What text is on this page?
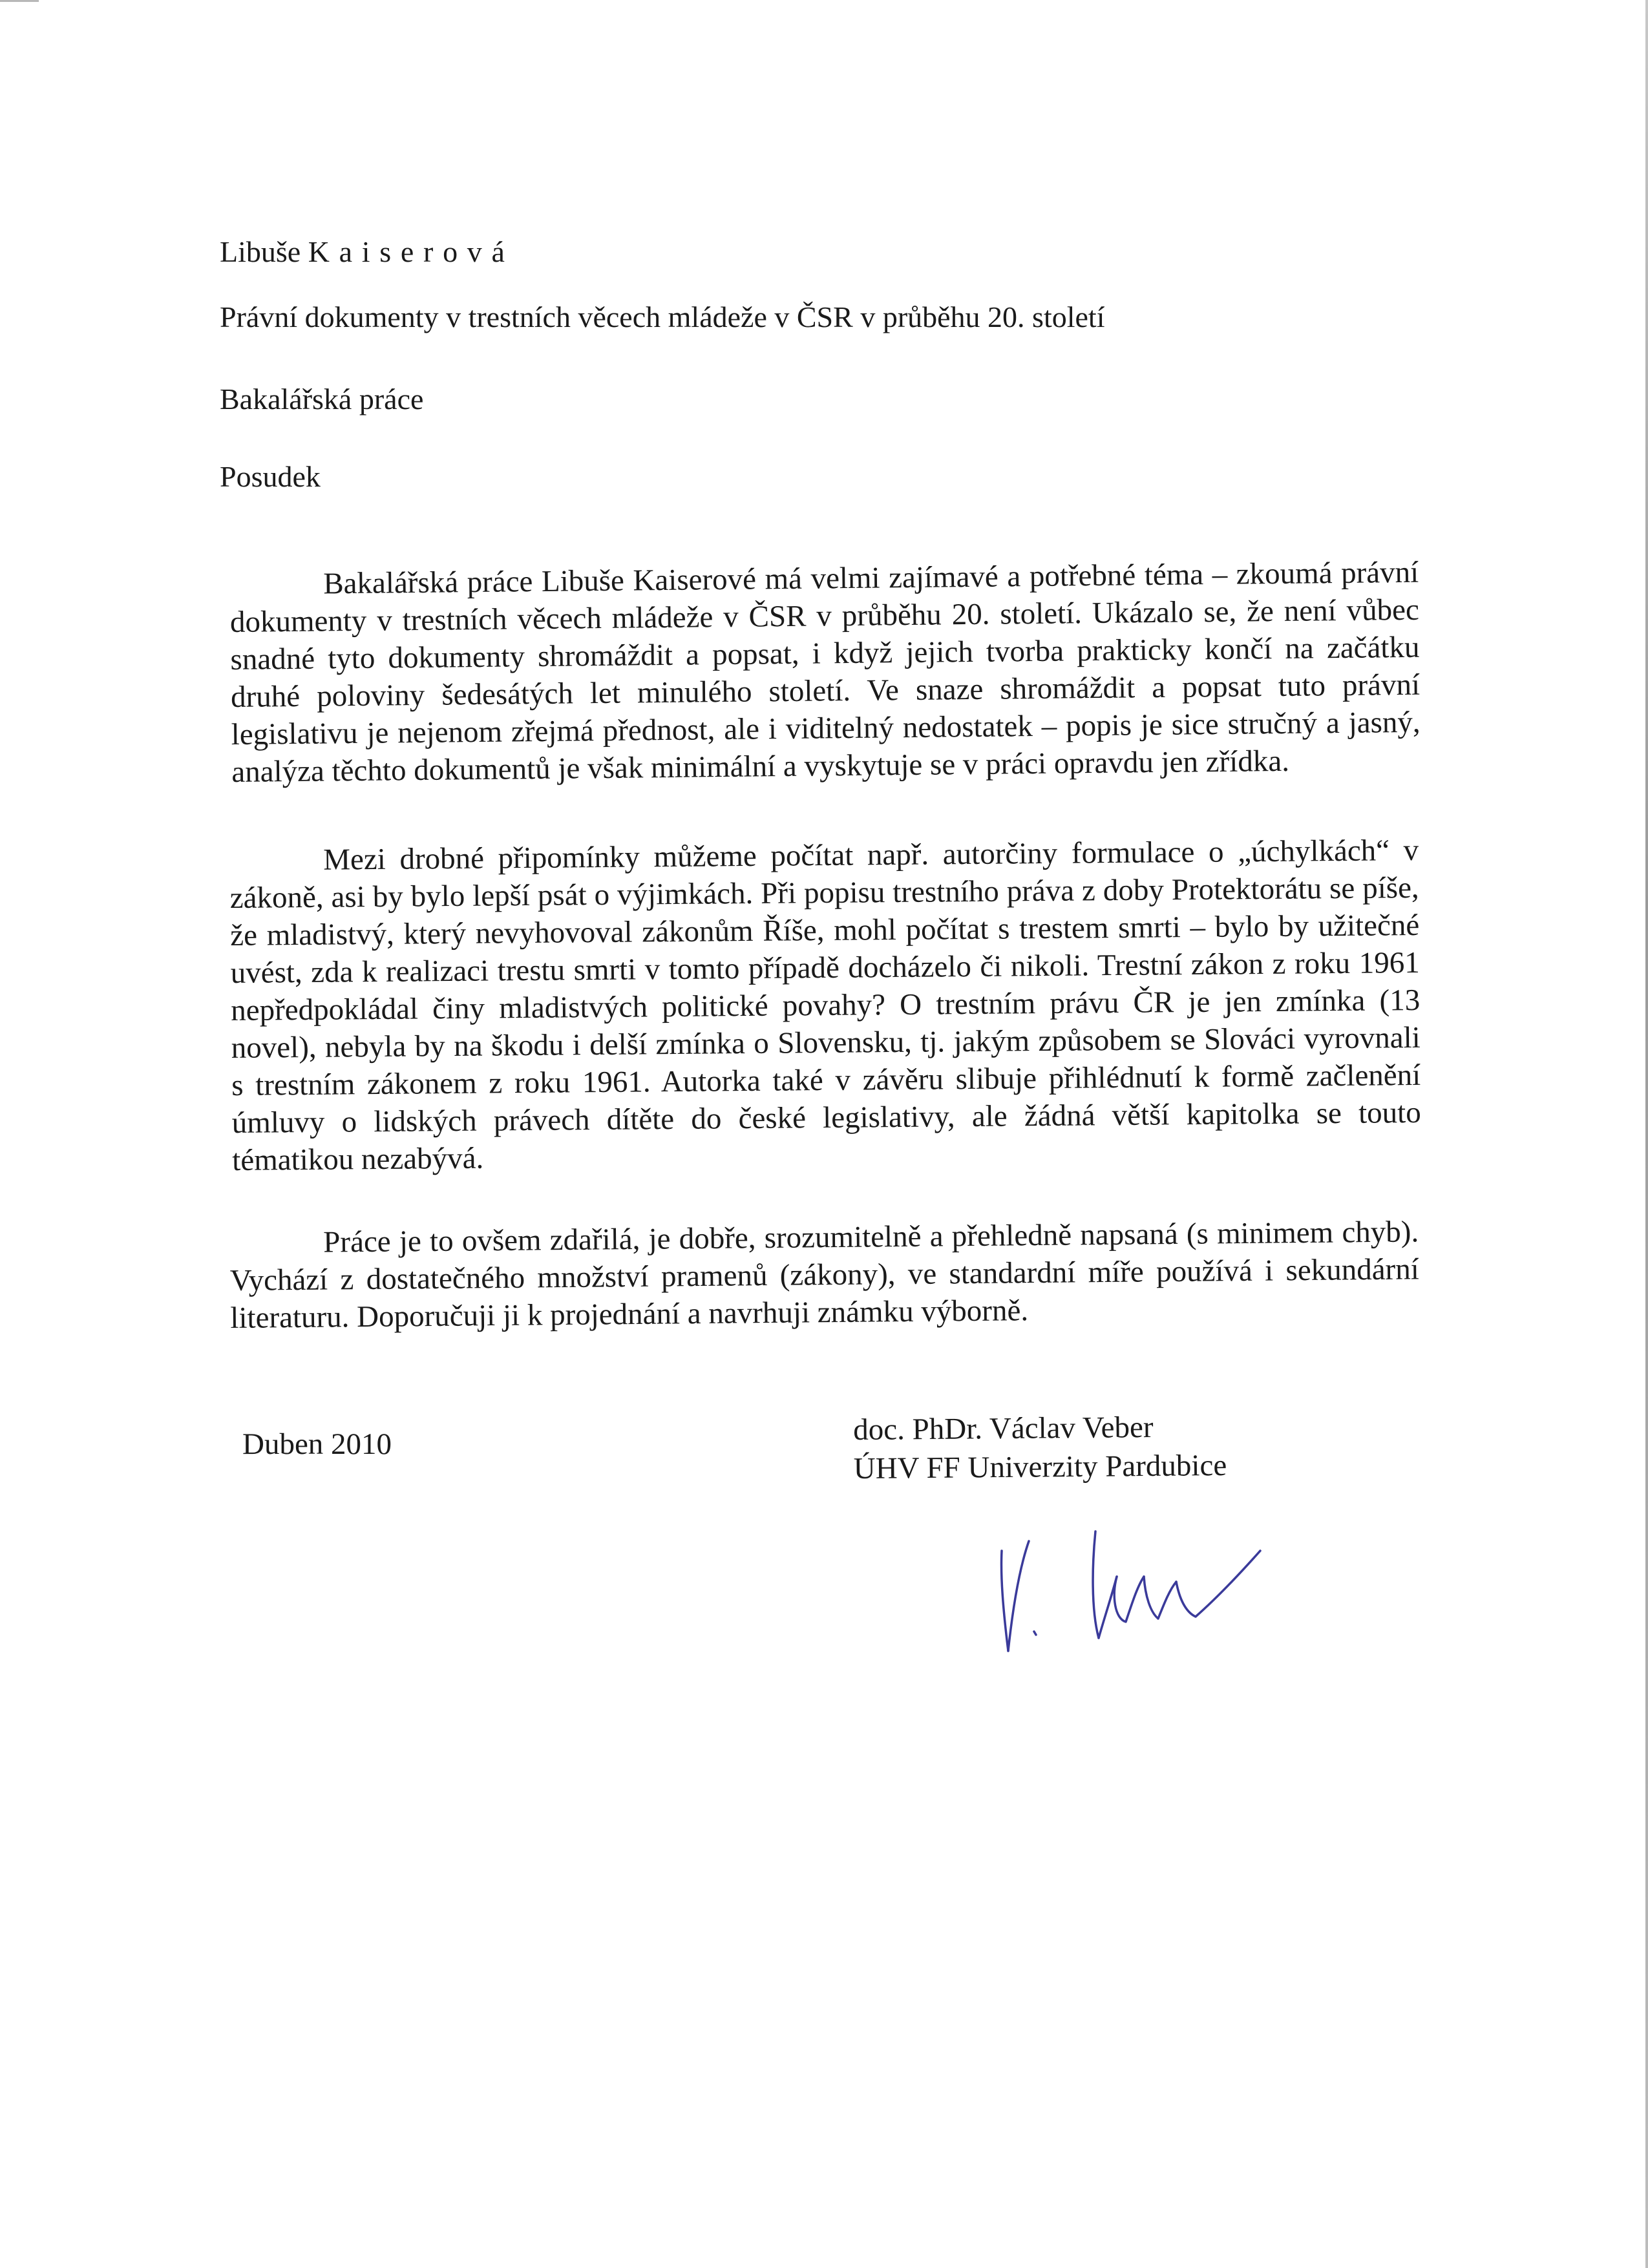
Libuše Kaiserová
Právní dokumenty v trestních věcech mládeže v ČSR v průběhu 20. století
Bakalářská práce
Posudek

Bakalářská práce Libuše Kaiserové má velmi zajímavé a potřebné téma – zkoumá právní dokumenty v trestních věcech mládeže v ČSR v průběhu 20. století. Ukázalo se, že není vůbec snadné tyto dokumenty shromáždit a popsat, i když jejich tvorba prakticky končí na začátku druhé poloviny šedesátých let minulého století. Ve snaze shromáždit a popsat tuto právní legislativu je nejenom zřejmá přednost, ale i viditelný nedostatek – popis je sice stručný a jasný, analýza těchto dokumentů je však minimální a vyskytuje se v práci opravdu jen zřídka.

Mezi drobné připomínky můžeme počítat např. autorčiny formulace o „úchylkách“ v zákoně, asi by bylo lepší psát o výjimkách. Při popisu trestního práva z doby Protektorátu se píše, že mladistvý, který nevyhovoval zákonům Říše, mohl počítat s trestem smrti – bylo by užitečné uvést, zda k realizaci trestu smrti v tomto případě docházelo či nikoli. Trestní zákon z roku 1961 nepředpokládal činy mladistvých politické povahy? O trestním právu ČR je jen zmínka (13 novel), nebyla by na škodu i delší zmínka o Slovensku, tj. jakým způsobem se Slováci vyrovnali s trestním zákonem z roku 1961. Autorka také v závěru slibuje přihlédnutí k formě začlenění úmluvy o lidských právech dítěte do české legislativy, ale žádná větší kapitolka se touto tématikou nezabývá.

Práce je to ovšem zdařilá, je dobře, srozumitelně a přehledně napsaná (s minimem chyb). Vychází z dostatečného množství pramenů (zákony), ve standardní míře používá i sekundární literaturu. Doporučuji ji k projednání a navrhuji známku výborně.

Duben 2010	doc. PhDr. Václav Veber
ÚHV FF Univerzity Pardubice
